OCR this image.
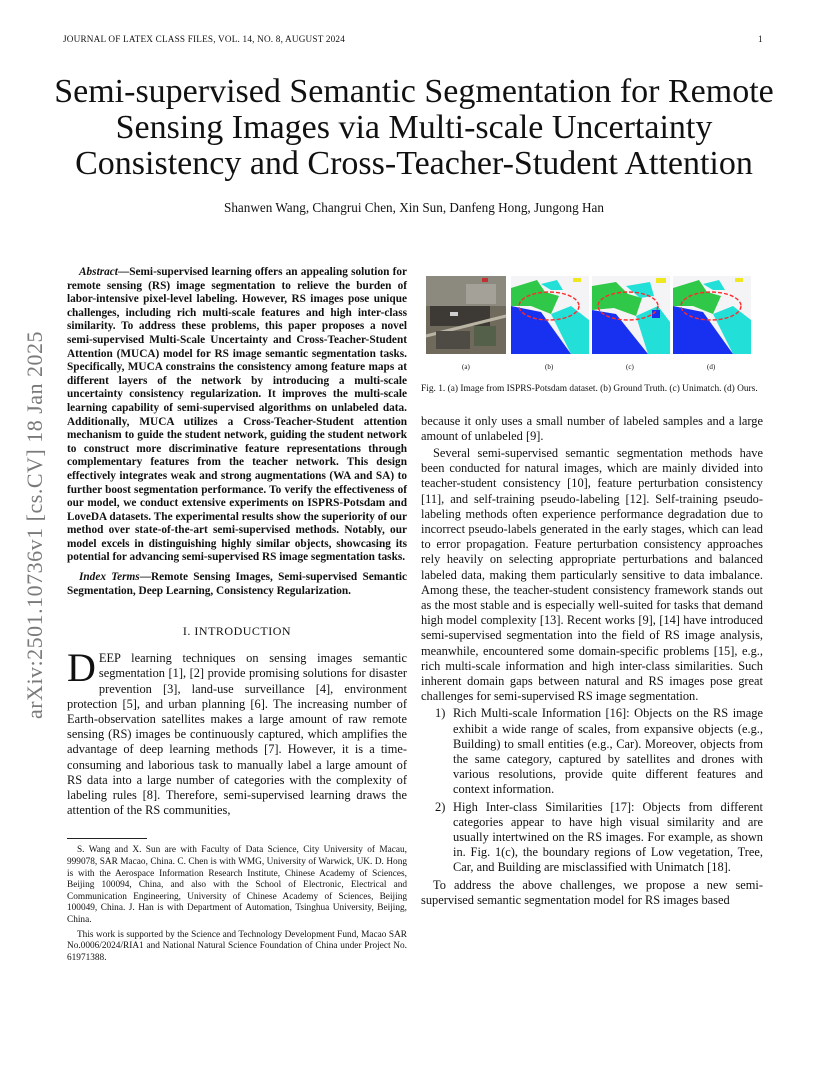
JOURNAL OF LATEX CLASS FILES, VOL. 14, NO. 8, AUGUST 2024	1
arXiv:2501.10736v1 [cs.CV] 18 Jan 2025
Semi-supervised Semantic Segmentation for Remote Sensing Images via Multi-scale Uncertainty Consistency and Cross-Teacher-Student Attention
Shanwen Wang, Changrui Chen, Xin Sun, Danfeng Hong, Jungong Han

Abstract—Semi-supervised learning offers an appealing solution for remote sensing (RS) image segmentation to relieve the burden of labor-intensive pixel-level labeling. However, RS images pose unique challenges, including rich multi-scale features and high inter-class similarity. To address these problems, this paper proposes a novel semi-supervised Multi-Scale Uncertainty and Cross-Teacher-Student Attention (MUCA) model for RS image semantic segmentation tasks. Specifically, MUCA constrains the consistency among feature maps at different layers of the network by introducing a multi-scale uncertainty consistency regularization. It improves the multi-scale learning capability of semi-supervised algorithms on unlabeled data. Additionally, MUCA utilizes a Cross-Teacher-Student attention mechanism to guide the student network, guiding the student network to construct more discriminative feature representations through complementary features from the teacher network. This design effectively integrates weak and strong augmentations (WA and SA) to further boost segmentation performance. To verify the effectiveness of our model, we conduct extensive experiments on ISPRS-Potsdam and LoveDA datasets. The experimental results show the superiority of our method over state-of-the-art semi-supervised methods. Notably, our model excels in distinguishing highly similar objects, showcasing its potential for advancing semi-supervised RS image segmentation tasks.

Index Terms—Remote Sensing Images, Semi-supervised Semantic Segmentation, Deep Learning, Consistency Regularization.

I. INTRODUCTION

DEEP learning techniques on sensing images semantic segmentation [1], [2] provide promising solutions for disaster prevention [3], land-use surveillance [4], environment protection [5], and urban planning [6]. The increasing number of Earth-observation satellites makes a large amount of raw remote sensing (RS) images be continuously captured, which amplifies the advantage of deep learning methods [7]. However, it is a time-consuming and laborious task to manually label a large amount of RS data into a large number of categories with the complexity of labeling rules [8]. Therefore, semi-supervised learning draws the attention of the RS communities,

S. Wang and X. Sun are with Faculty of Data Science, City University of Macau, 999078, SAR Macao, China. C. Chen is with WMG, University of Warwick, UK. D. Hong is with the Aerospace Information Research Institute, Chinese Academy of Sciences, Beijing 100094, China, and also with the School of Electronic, Electrical and Communication Engineering, University of Chinese Academy of Sciences, Beijing 100049, China. J. Han is with Department of Automation, Tsinghua University, Beijing, China.

This work is supported by the Science and Technology Development Fund, Macao SAR No.0006/2024/RIA1 and National Natural Science Foundation of China under Project No. 61971388.

(a)	(b)	(c)	(d)

Fig. 1. (a) Image from ISPRS-Potsdam dataset. (b) Ground Truth. (c) Unimatch. (d) Ours.

because it only uses a small number of labeled samples and a large amount of unlabeled [9].

Several semi-supervised semantic segmentation methods have been conducted for natural images, which are mainly divided into teacher-student consistency [10], feature perturbation consistency [11], and self-training pseudo-labeling [12]. Self-training pseudo-labeling methods often experience performance degradation due to incorrect pseudo-labels generated in the early stages, which can lead to error propagation. Feature perturbation consistency approaches rely heavily on selecting appropriate perturbations and balanced labeled data, making them particularly sensitive to data imbalance. Among these, the teacher-student consistency framework stands out as the most stable and is especially well-suited for tasks that demand high model complexity [13]. Recent works [9], [14] have introduced semi-supervised segmentation into the field of RS image analysis, meanwhile, encountered some domain-specific problems [15], e.g., rich multi-scale information and high inter-class similarities. Such inherent domain gaps between natural and RS images pose great challenges for semi-supervised RS image segmentation.

1) Rich Multi-scale Information [16]: Objects on the RS image exhibit a wide range of scales, from expansive objects (e.g., Building) to small entities (e.g., Car). Moreover, objects from the same category, captured by satellites and drones with various resolutions, provide quite different features and context information.
2) High Inter-class Similarities [17]: Objects from different categories appear to have high visual similarity and are usually intertwined on the RS images. For example, as shown in. Fig. 1(c), the boundary regions of Low vegetation, Tree, Car, and Building are misclassified with Unimatch [18].

To address the above challenges, we propose a new semi-supervised semantic segmentation model for RS images based
